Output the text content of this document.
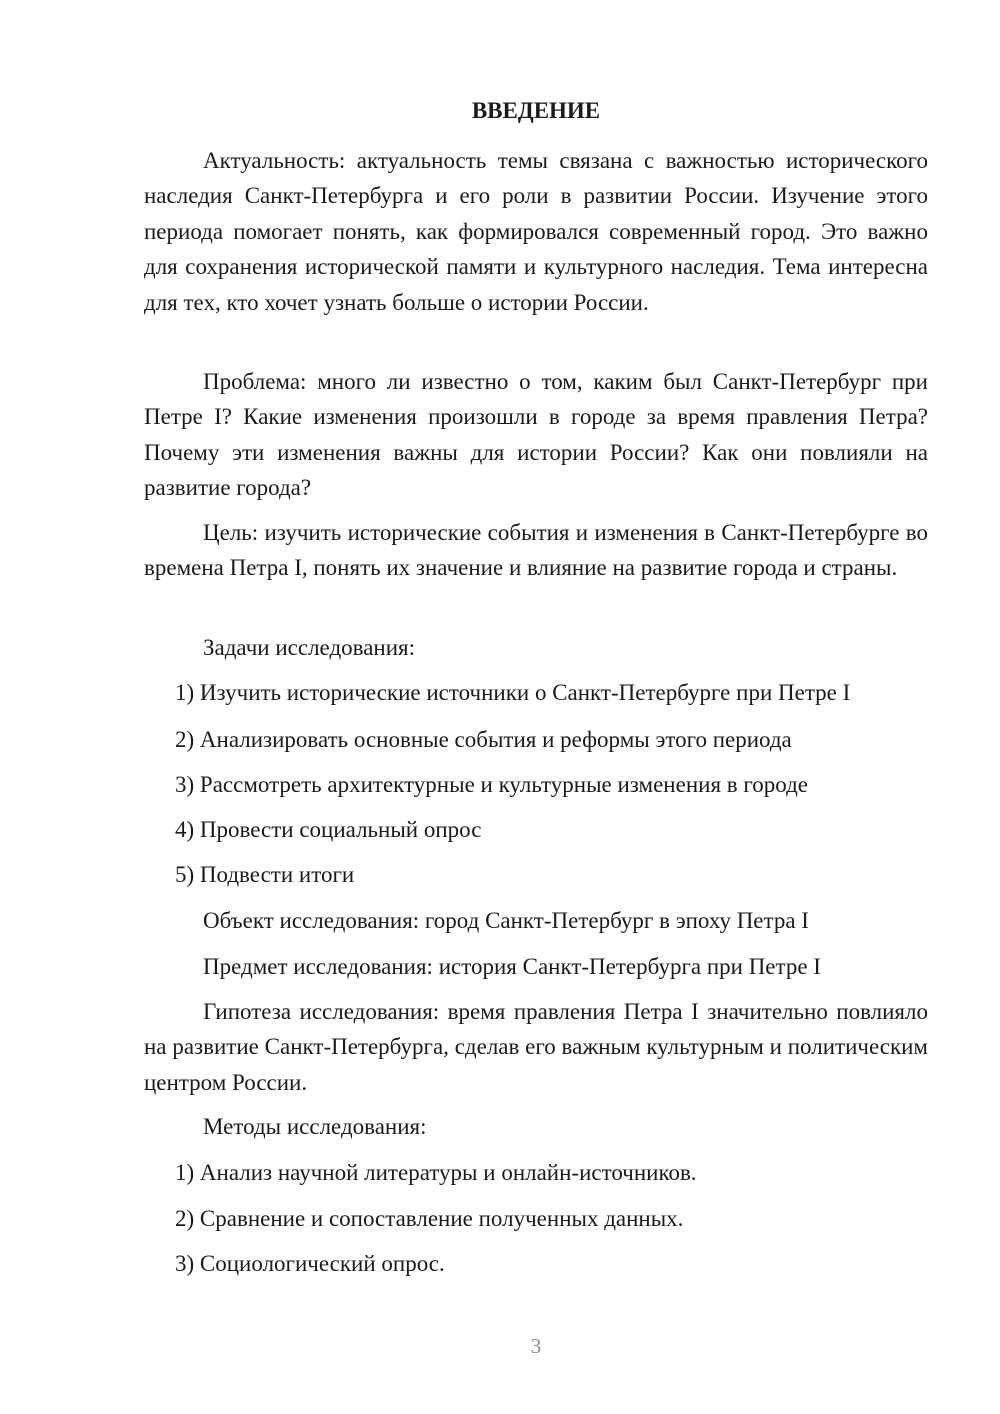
ВВЕДЕНИЕ

Актуальность: актуальность темы связана с важностью исторического наследия Санкт-Петербурга и его роли в развитии России. Изучение этого периода помогает понять, как формировался современный город. Это важно для сохранения исторической памяти и культурного наследия. Тема интересна для тех, кто хочет узнать больше о истории России.

Проблема: много ли известно о том, каким был Санкт-Петербург при Петре I? Какие изменения произошли в городе за время правления Петра? Почему эти изменения важны для истории России? Как они повлияли на развитие города?

Цель: изучить исторические события и изменения в Санкт-Петербурге во времена Петра I, понять их значение и влияние на развитие города и страны.

Задачи исследования:
1) Изучить исторические источники о Санкт-Петербурге при Петре I
2) Анализировать основные события и реформы этого периода
3) Рассмотреть архитектурные и культурные изменения в городе
4) Провести социальный опрос
5) Подвести итоги
Объект исследования: город Санкт-Петербург в эпоху Петра I
Предмет исследования: история Санкт-Петербурга при Петре I

Гипотеза исследования: время правления Петра I значительно повлияло на развитие Санкт-Петербурга, сделав его важным культурным и политическим центром России.

Методы исследования:
1) Анализ научной литературы и онлайн-источников.
2) Сравнение и сопоставление полученных данных.
3) Социологический опрос.
3
